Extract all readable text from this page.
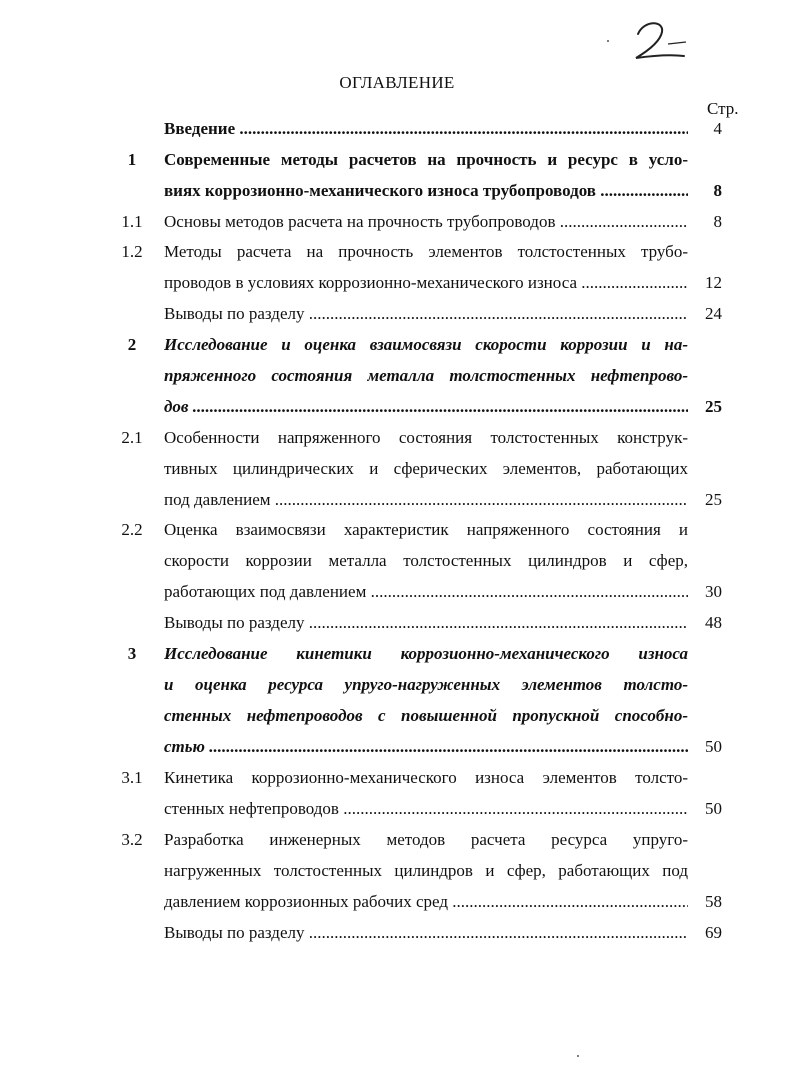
ОГЛАВЛЕНИЕ
Стр.
Введение .....	4
1	Современные методы расчетов на прочность и ресурс в усло-
виях коррозионно-механического износа трубопроводов .....	8
1.1	Основы методов расчета на прочность трубопроводов .....	8
1.2	Методы расчета на прочность элементов толстостенных трубо-
проводов в условиях коррозионно-механического износа .....	12
Выводы по разделу .....	24
2	Исследование и оценка взаимосвязи скорости коррозии и на-
пряженного состояния металла толстостенных нефтепрово-
дов .....	25
2.1	Особенности напряженного состояния толстостенных конструк-
тивных цилиндрических и сферических элементов, работающих
под давлением .....	25
2.2	Оценка взаимосвязи характеристик напряженного состояния и
скорости коррозии металла толстостенных цилиндров и сфер,
работающих под давлением .....	30
Выводы по разделу .....	48
3	Исследование кинетики коррозионно-механического износа
и оценка ресурса упруго-нагруженных элементов толсто-
стенных нефтепроводов с повышенной пропускной способно-
стью .....	50
3.1	Кинетика коррозионно-механического износа элементов толсто-
стенных нефтепроводов .....	50
3.2	Разработка инженерных методов расчета ресурса упруго-
нагруженных толстостенных цилиндров и сфер, работающих под
давлением коррозионных рабочих сред .....	58
Выводы по разделу .....	69
